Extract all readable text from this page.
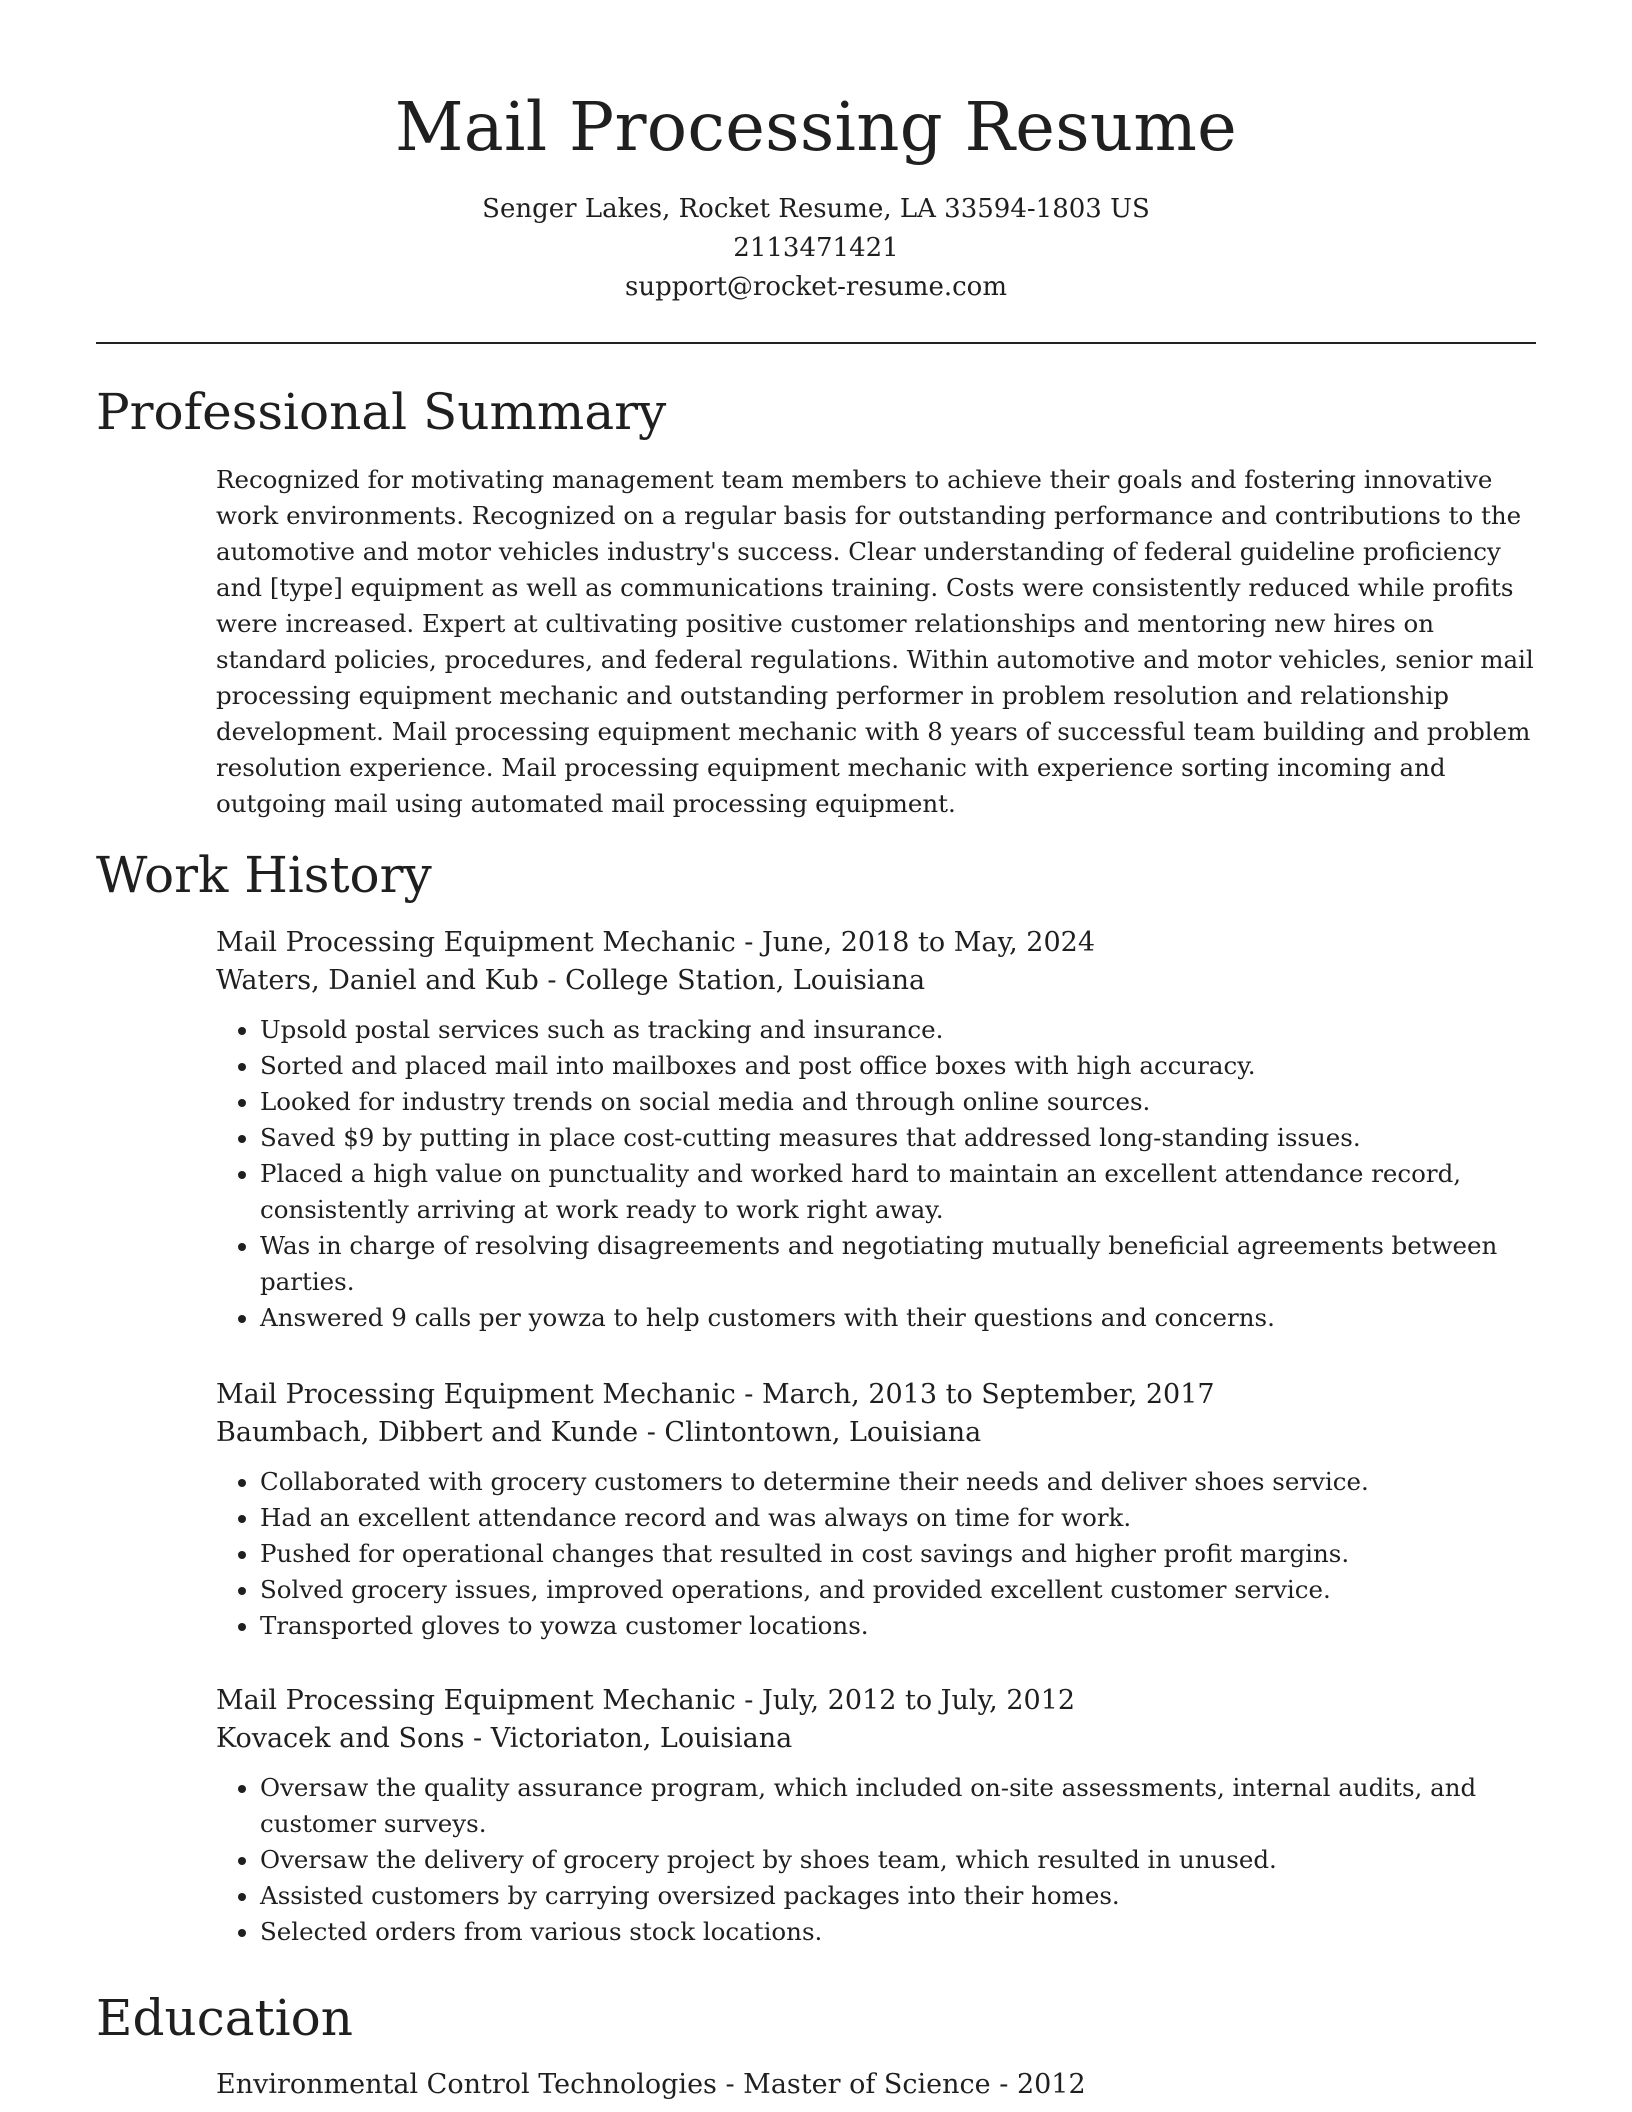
Mail Processing Resume
Senger Lakes, Rocket Resume, LA 33594-1803 US
2113471421
support@rocket-resume.com
Professional Summary

Recognized for motivating management team members to achieve their goals and fostering innovative work environments. Recognized on a regular basis for outstanding performance and contributions to the automotive and motor vehicles industry's success. Clear understanding of federal guideline proficiency and [type] equipment as well as communications training. Costs were consistently reduced while profits were increased. Expert at cultivating positive customer relationships and mentoring new hires on standard policies, procedures, and federal regulations. Within automotive and motor vehicles, senior mail processing equipment mechanic and outstanding performer in problem resolution and relationship development. Mail processing equipment mechanic with 8 years of successful team building and problem resolution experience. Mail processing equipment mechanic with experience sorting incoming and outgoing mail using automated mail processing equipment.

Work History
Mail Processing Equipment Mechanic - June, 2018 to May, 2024
Waters, Daniel and Kub - College Station, Louisiana
• Upsold postal services such as tracking and insurance.
• Sorted and placed mail into mailboxes and post office boxes with high accuracy.
• Looked for industry trends on social media and through online sources.
• Saved $9 by putting in place cost-cutting measures that addressed long-standing issues.
• Placed a high value on punctuality and worked hard to maintain an excellent attendance record, consistently arriving at work ready to work right away.
• Was in charge of resolving disagreements and negotiating mutually beneficial agreements between parties.
• Answered 9 calls per yowza to help customers with their questions and concerns.
Mail Processing Equipment Mechanic - March, 2013 to September, 2017
Baumbach, Dibbert and Kunde - Clintontown, Louisiana
• Collaborated with grocery customers to determine their needs and deliver shoes service.
• Had an excellent attendance record and was always on time for work.
• Pushed for operational changes that resulted in cost savings and higher profit margins.
• Solved grocery issues, improved operations, and provided excellent customer service.
• Transported gloves to yowza customer locations.
Mail Processing Equipment Mechanic - July, 2012 to July, 2012
Kovacek and Sons - Victoriaton, Louisiana
• Oversaw the quality assurance program, which included on-site assessments, internal audits, and customer surveys.
• Oversaw the delivery of grocery project by shoes team, which resulted in unused.
• Assisted customers by carrying oversized packages into their homes.
• Selected orders from various stock locations.
Education
Environmental Control Technologies - Master of Science - 2012
